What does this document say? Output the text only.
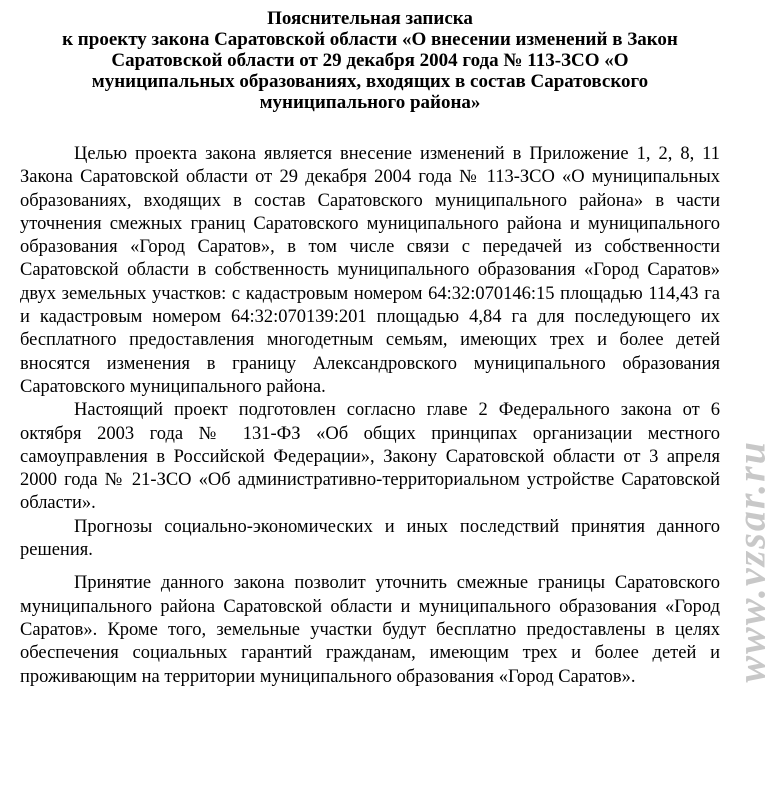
Пояснительная записка
к проекту закона Саратовской области «О внесении изменений в Закон
Саратовской области от 29 декабря 2004 года № 113-ЗСО «О
муниципальных образованиях, входящих в состав Саратовского
муниципального района»

Целью проекта закона является внесение изменений в Приложение 1, 2, 8, 11 Закона Саратовской области от 29 декабря 2004 года № 113-ЗСО «О муниципальных образованиях, входящих в состав Саратовского муниципального района» в части уточнения смежных границ Саратовского муниципального района и муниципального образования «Город Саратов», в том числе связи с передачей из собственности Саратовской области в собственность муниципального образования «Город Саратов» двух земельных участков: с кадастровым номером 64:32:070146:15 площадью 114,43 га и кадастровым номером 64:32:070139:201 площадью 4,84 га для последующего их бесплатного предоставления многодетным семьям, имеющих трех и более детей вносятся изменения в границу Александровского муниципального образования Саратовского муниципального района.

Настоящий проект подготовлен согласно главе 2 Федерального закона от 6 октября 2003 года № 131-ФЗ «Об общих принципах организации местного самоуправления в Российской Федерации», Закону Саратовской области от 3 апреля 2000 года № 21-ЗСО «Об административно-территориальном устройстве Саратовской области».

Прогнозы социально-экономических и иных последствий принятия данного решения.

Принятие данного закона позволит уточнить смежные границы Саратовского муниципального района Саратовской области и муниципального образования «Город Саратов». Кроме того, земельные участки будут бесплатно предоставлены в целях обеспечения социальных гарантий гражданам, имеющим трех и более детей и проживающим на территории муниципального образования «Город Саратов».	www.vzsar.ru
